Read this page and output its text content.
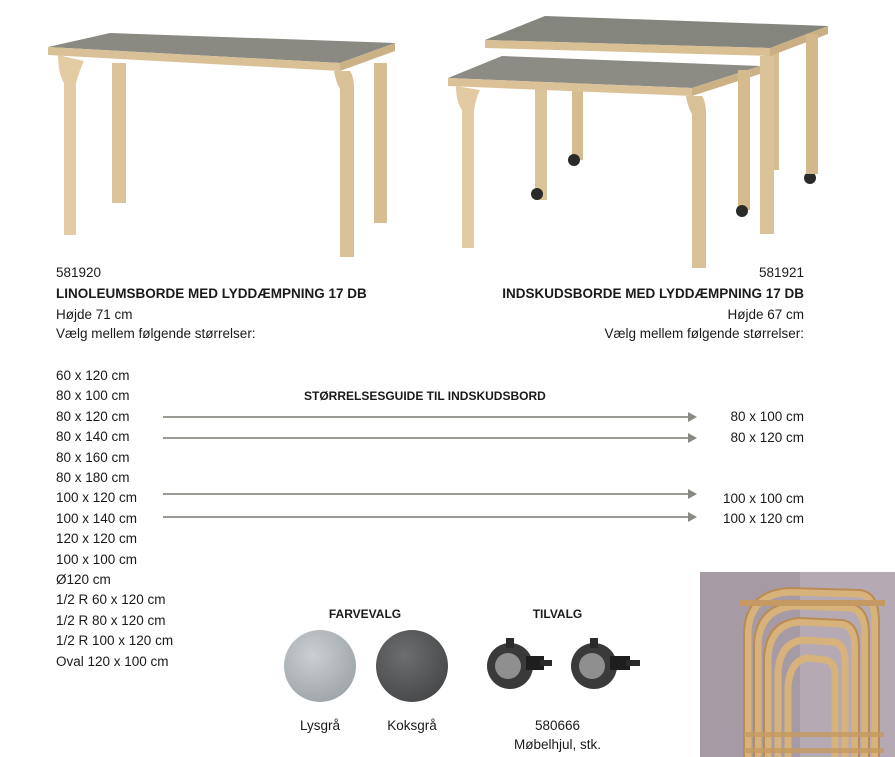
581920
LINOLEUMSBORDE MED LYDDÆMPNING 17 DB
Højde 71 cm
Vælg mellem følgende størrelser:
581921
INDSKUDSBORDE MED LYDDÆMPNING 17 DB
Højde 67 cm
Vælg mellem følgende størrelser:
60 x 120 cm
80 x 100 cm
80 x 120 cm
80 x 140 cm
80 x 160 cm
80 x 180 cm
100 x 120 cm
100 x 140 cm
120 x 120 cm
100 x 100 cm
Ø120 cm
1/2 R 60 x 120 cm
1/2 R 80 x 120 cm
1/2 R 100 x 120 cm
Oval 120 x 100 cm
STØRRELSESGUIDE TIL INDSKUDSBORD
80 x 100 cm
80 x 120 cm
100 x 100 cm
100 x 120 cm
FARVEVALG
Lysgrå	Koksgrå
TILVALG
580666
Møbelhjul, stk.
